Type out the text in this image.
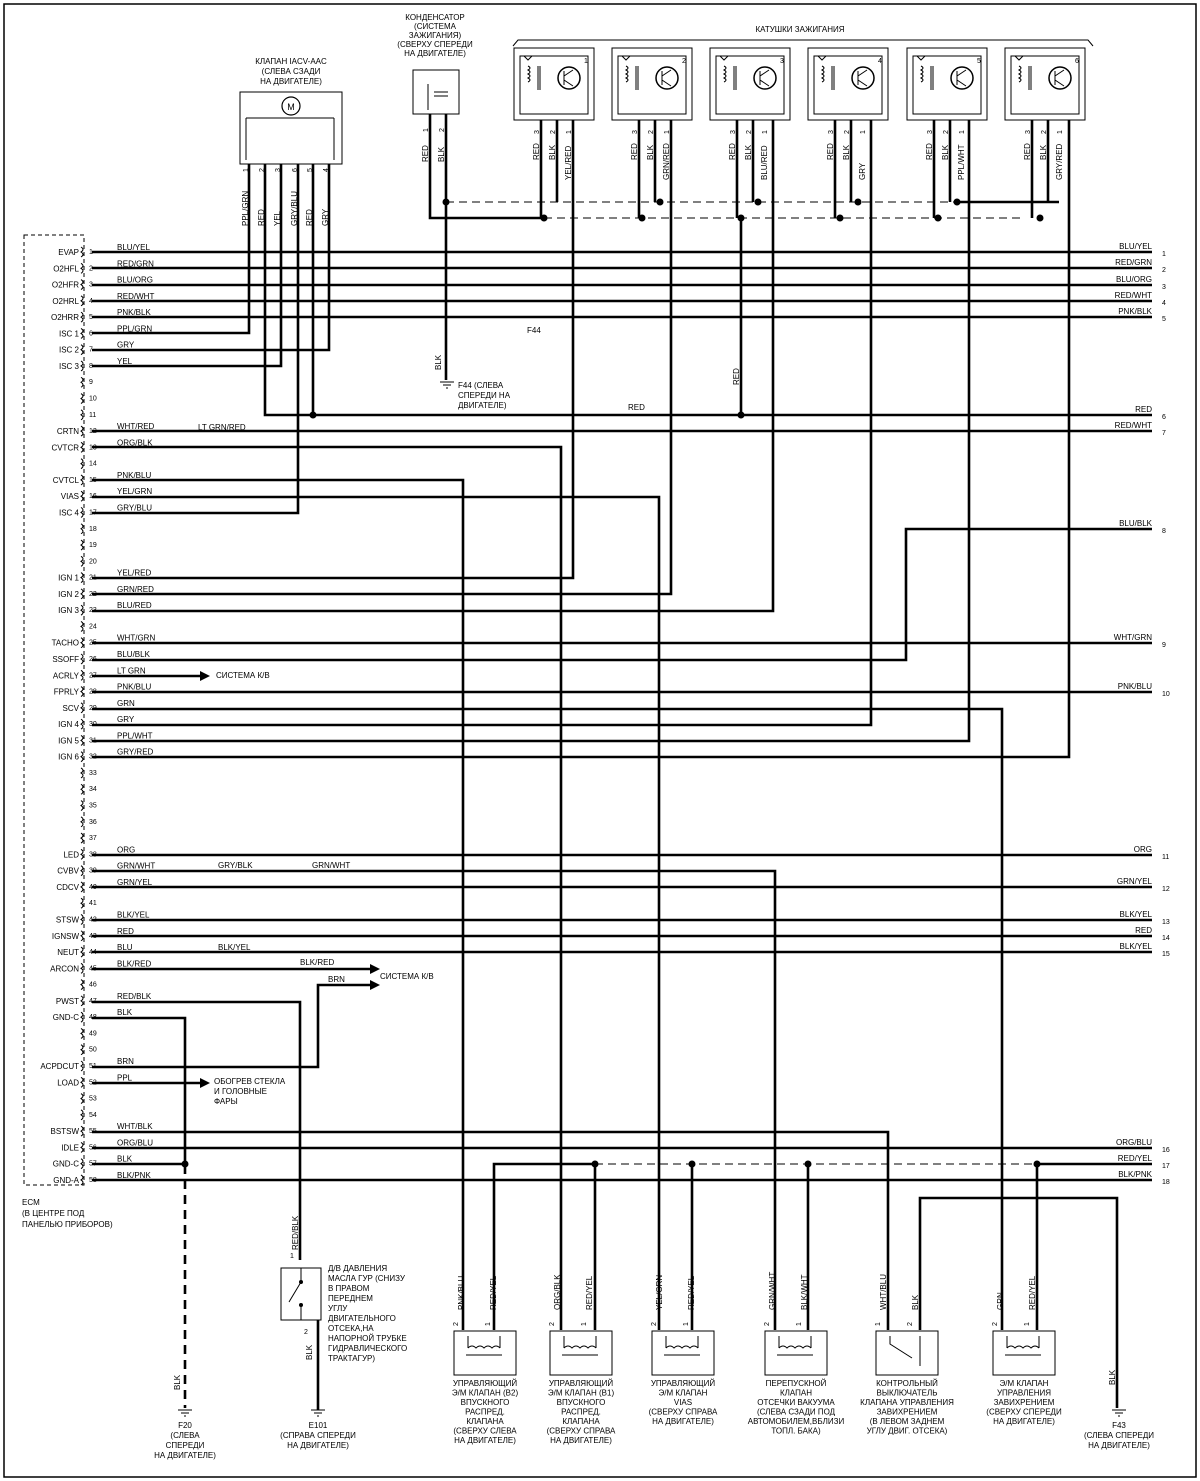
ECM
(В ЦЕНТРЕ ПОД
ПАНЕЛЬЮ ПРИБОРОВ)
EVAP 1
BLU/YEL
O2HFL 2
RED/GRN
O2HFR 3
BLU/ORG
O2HRL 4
RED/WHT
O2HRR 5
PNK/BLK
ISC 1 6
PPL/GRN
ISC 2 7
GRY
ISC 3 8
YEL
9
10
11
CRTN 12
WHT/RED
CVTCR 13
ORG/BLK
14
CVTCL 15
PNK/BLU
VIAS 16
YEL/GRN
ISC 4 17
GRY/BLU
18
19
20
IGN 1 21
YEL/RED
IGN 2 22
GRN/RED
IGN 3 23
BLU/RED
24
TACHO 25
WHT/GRN
SSOFF 26
BLU/BLK
ACRLY 27
LT GRN
FPRLY 28
PNK/BLU
SCV 29
GRN
IGN 4 30
GRY
IGN 5 31
PPL/WHT
IGN 6 32
GRY/RED
33
34
35
36
37
LED 38
ORG
CVBV 39
GRN/WHT
CDCV 40
GRN/YEL
41
STSW 42
BLK/YEL
IGNSW 43
RED
NEUT 44
BLU
ARCON 45
BLK/RED
46
PWST 47
RED/BLK
GND-C 48
BLK
49
50
ACPDCUT 51
BRN
LOAD 52
PPL
53
54
BSTSW 55
WHT/BLK
IDLE 56
ORG/BLU
GND-C 57
BLK
GND-A 58
BLK/PNK
BLU/YEL
1
RED/GRN
2
BLU/ORG
3
RED/WHT
4
PNK/BLK
5
RED
6
RED/WHT
7
BLU/BLK
8
WHT/GRN
9
PNK/BLU
10
ORG
11
GRN/YEL
12
BLK/YEL
13
RED
14
BLK/YEL
15
ORG/BLU
16
RED/YEL
17
BLK/PNK
18
КЛАПАН IACV-AAC
(СЛЕВА СЗАДИ
НА ДВИГАТЕЛЕ)
M
1
PPL/GRN
2
RED
3
YEL
6
GRY/BLU
5
RED
4
GRY
КОНДЕНСАТОР
(СИСТЕМА
ЗАЖИГАНИЯ)
(СВЕРХУ СПЕРЕДИ
НА ДВИГАТЕЛЕ)
1
RED
2
BLK
BLK
F44 (СЛЕВА
СПЕРЕДИ НА
ДВИГАТЕЛЕ)
F44
КАТУШКИ ЗАЖИГАНИЯ
1
3
RED
2
BLK
1
YEL/RED
2
3
RED
2
BLK
1
GRN/RED
3
3
RED
2
BLK
1
BLU/RED
4
3
RED
2
BLK
1
GRY
5
3
RED
2
BLK
1
PPL/WHT
6
3
RED
2
BLK
1
GRY/RED
RED
RED
LT GRN/RED
GRY/BLK	GRN/WHT
BLK/YEL
BLK/RED
BRN
СИСТЕМА К/В
СИСТЕМА К/В
ОБОГРЕВ СТЕКЛА
И ГОЛОВНЫЕ
ФАРЫ
BLK
F20
(СЛЕВА
СПЕРЕДИ
НА ДВИГАТЕЛЕ)
BLK
E101
(СПРАВА СПЕРЕДИ
НА ДВИГАТЕЛЕ)
BLK
F43
(СЛЕВА СПЕРЕДИ
НА ДВИГАТЕЛЕ)
RED/BLK
1
2
Д/В ДАВЛЕНИЯ
МАСЛА ГУР (СНИЗУ
В ПРАВОМ
ПЕРЕДНЕМ
УГЛУ
ДВИГАТЕЛЬНОГО
ОТСЕКА,НА
НАПОРНОЙ ТРУБКЕ
ГИДРАВЛИЧЕСКОГО
ТРАКТАГУР)
2	1
PNK/BLU	RED/YEL
УПРАВЛЯЮЩИЙ
Э/М КЛАПАН (B2)
ВПУСКНОГО
РАСПРЕД.
КЛАПАНА
(СВЕРХУ СЛЕВА
НА ДВИГАТЕЛЕ)
2	1
ORG/BLK	RED/YEL
УПРАВЛЯЮЩИЙ
Э/М КЛАПАН (B1)
ВПУСКНОГО
РАСПРЕД.
КЛАПАНА
(СВЕРХУ СПРАВА
НА ДВИГАТЕЛЕ)
2	1
YEL/GRN	RED/YEL
УПРАВЛЯЮЩИЙ
Э/М КЛАПАН
VIAS
(СВЕРХУ СПРАВА
НА ДВИГАТЕЛЕ)
2	1
GRN/WHT	BLK/WHT
ПЕРЕПУСКНОЙ
КЛАПАН
ОТСЕЧКИ ВАКУУМА
(СЛЕВА СЗАДИ ПОД
АВТОМОБИЛЕМ,ВБЛИЗИ
ТОПЛ. БАКА)
1	2
WHT/BLU	BLK
КОНТРОЛЬНЫЙ
ВЫКЛЮЧАТЕЛЬ
КЛАПАНА УПРАВЛЕНИЯ
ЗАВИХРЕНИЕМ
(В ЛЕВОМ ЗАДНЕМ
УГЛУ ДВИГ. ОТСЕКА)
2	1
GRN	RED/YEL
Э/М КЛАПАН
УПРАВЛЕНИЯ
ЗАВИХРЕНИЕМ
(СВЕРХУ СПЕРЕДИ
НА ДВИГАТЕЛЕ)
